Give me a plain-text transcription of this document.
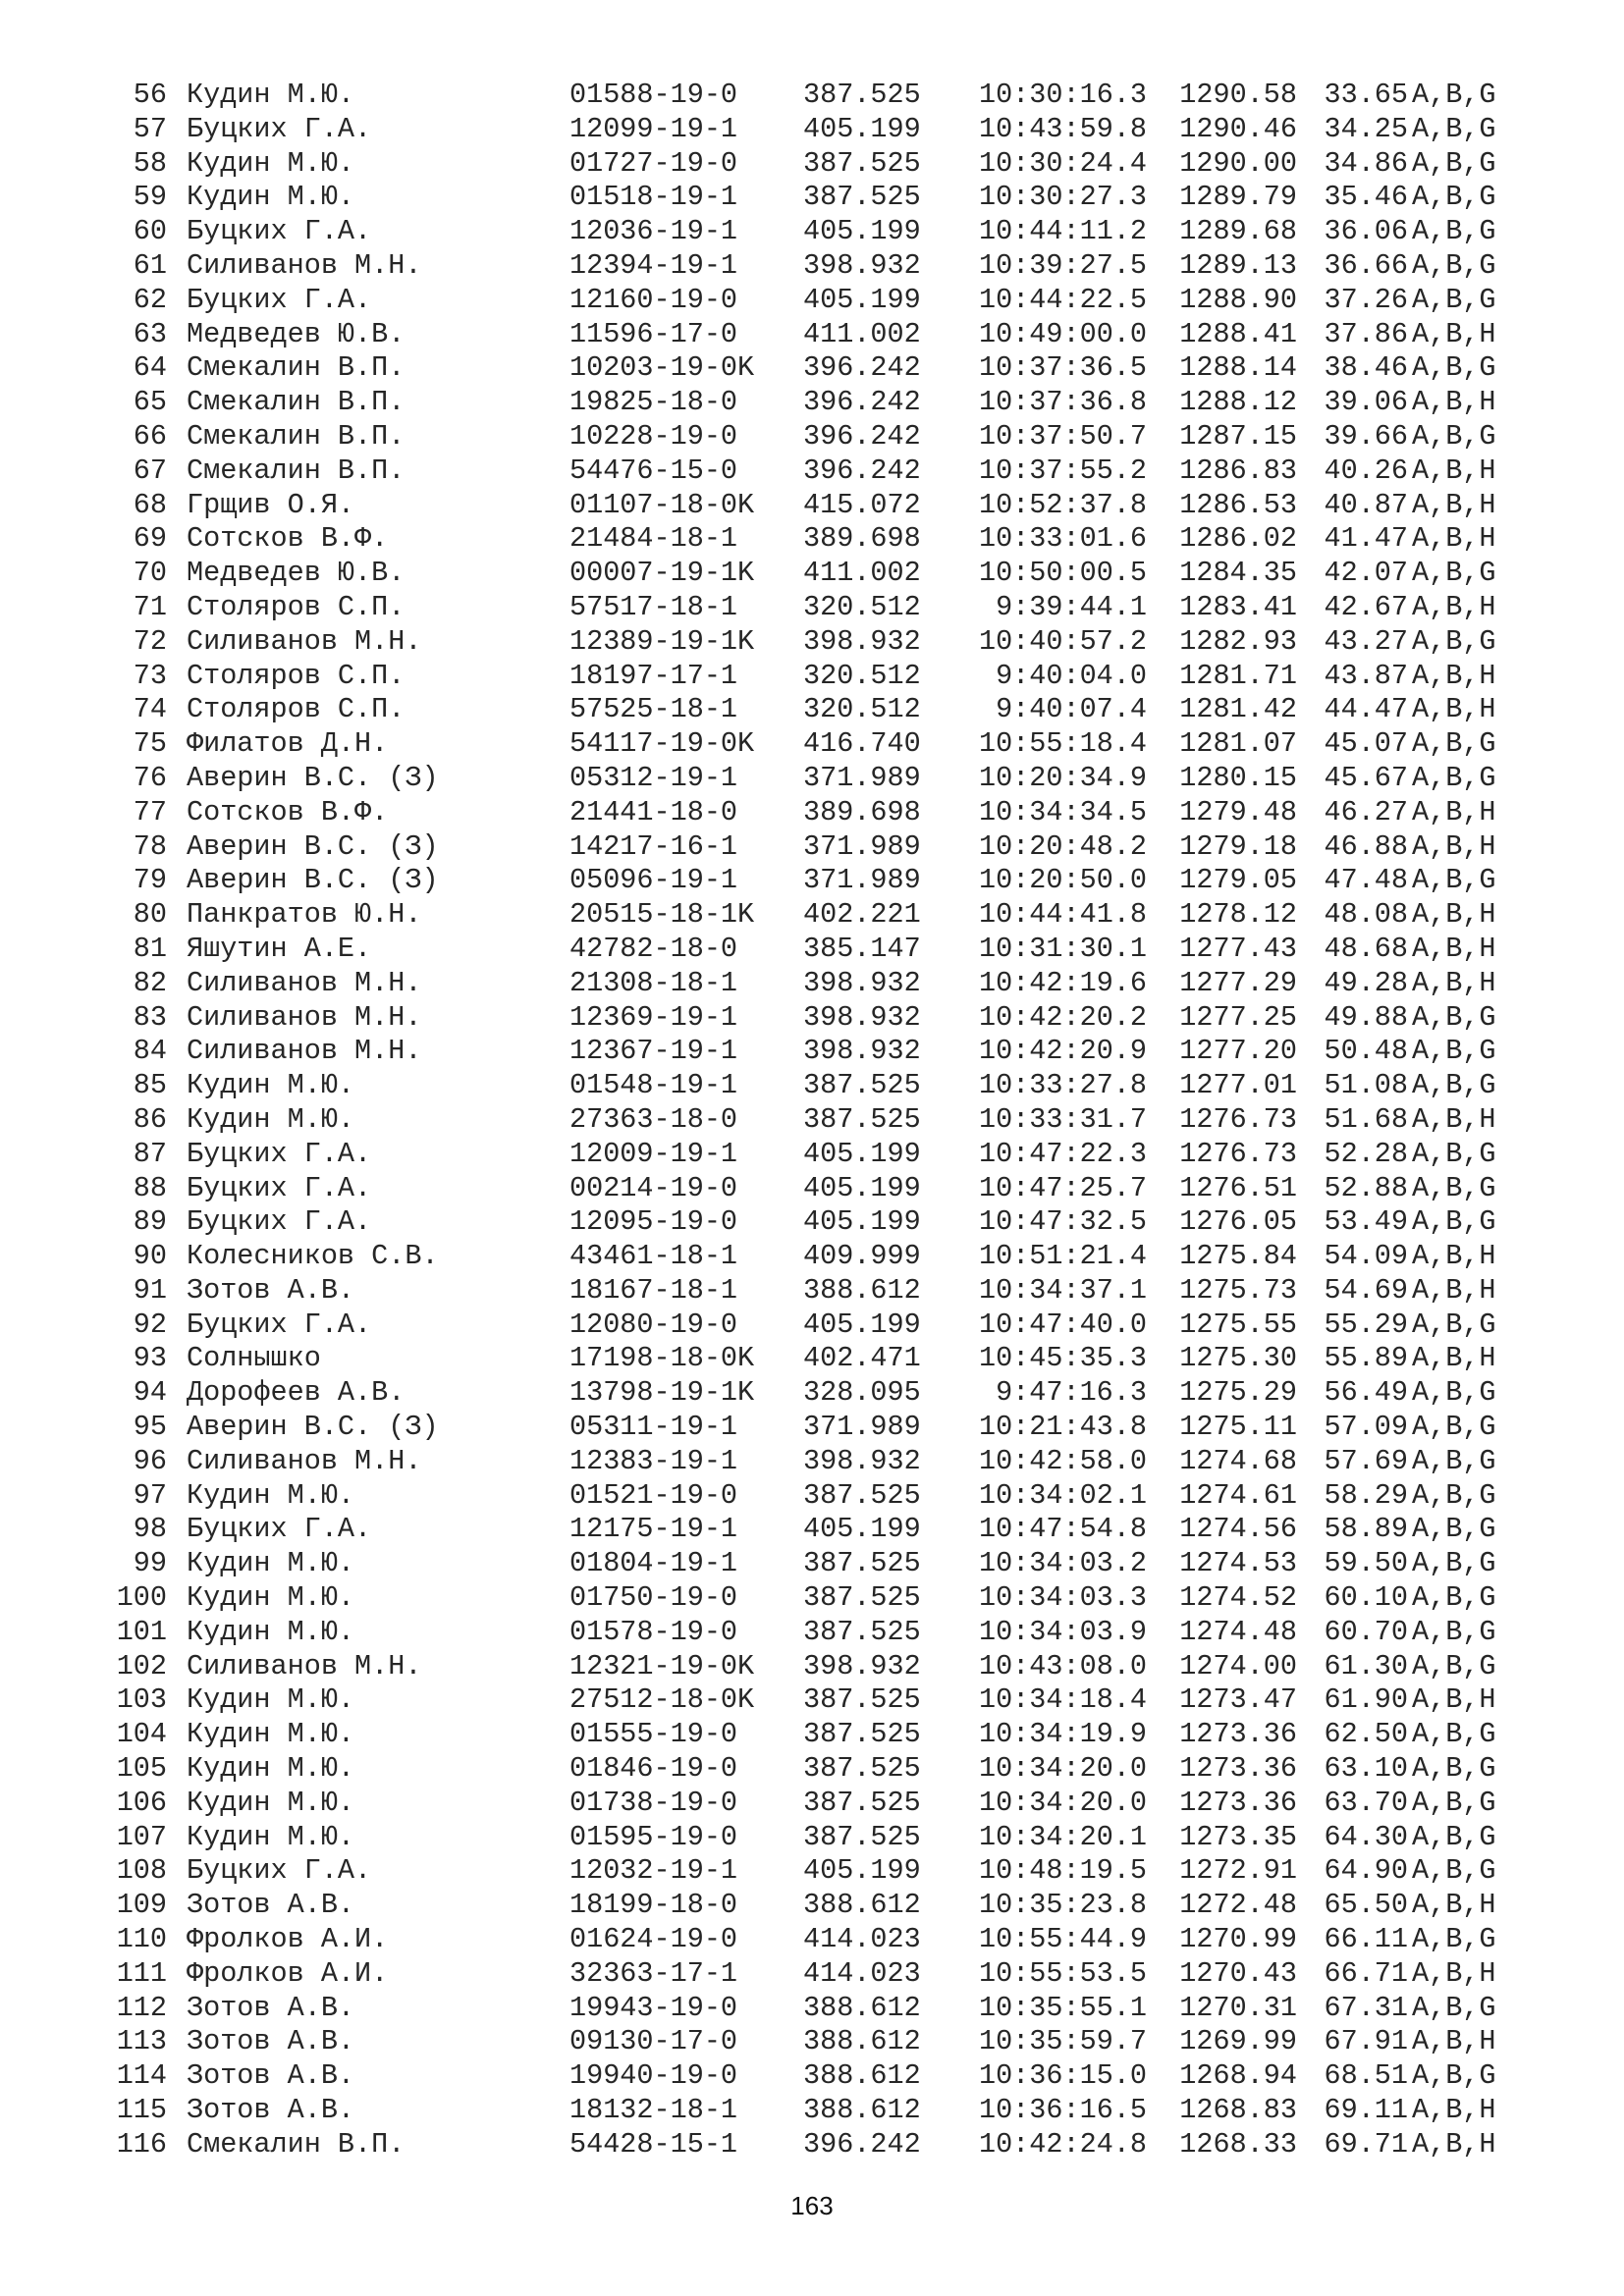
56 Кудин М.Ю.	01588-19-0 387.525	10:30:16.3	1290.58 33.65 A,B,G
57 Буцких Г.А.	12099-19-1 405.199	10:43:59.8	1290.46 34.25 A,B,G
58 Кудин М.Ю.	01727-19-0 387.525	10:30:24.4	1290.00 34.86 A,B,G
59 Кудин М.Ю.	01518-19-1 387.525	10:30:27.3	1289.79 35.46 A,B,G
60 Буцких Г.А.	12036-19-1 405.199	10:44:11.2	1289.68 36.06 A,B,G
61 Силиванов М.Н.	12394-19-1 398.932	10:39:27.5	1289.13 36.66 A,B,G
62 Буцких Г.А.	12160-19-0 405.199	10:44:22.5	1288.90 37.26 A,B,G
63 Медведев Ю.В.	11596-17-0 411.002	10:49:00.0	1288.41 37.86 A,B,H
64 Смекалин В.П.	10203-19-0K 396.242	10:37:36.5	1288.14 38.46 A,B,G
65 Смекалин В.П.	19825-18-0 396.242	10:37:36.8	1288.12 39.06 A,B,H
66 Смекалин В.П.	10228-19-0 396.242	10:37:50.7	1287.15 39.66 A,B,G
67 Смекалин В.П.	54476-15-0 396.242	10:37:55.2	1286.83 40.26 A,B,H
68 Грщив О.Я.	01107-18-0K 415.072	10:52:37.8	1286.53 40.87 A,B,H
69 Сотсков В.Ф.	21484-18-1 389.698	10:33:01.6	1286.02 41.47 A,B,H
70 Медведев Ю.В.	00007-19-1K 411.002	10:50:00.5	1284.35 42.07 A,B,G
71 Столяров С.П.	57517-18-1 320.512	9:39:44.1	1283.41 42.67 A,B,H
72 Силиванов М.Н.	12389-19-1K 398.932	10:40:57.2	1282.93 43.27 A,B,G
73 Столяров С.П.	18197-17-1 320.512	9:40:04.0	1281.71 43.87 A,B,H
74 Столяров С.П.	57525-18-1 320.512	9:40:07.4	1281.42 44.47 A,B,H
75 Филатов Д.Н.	54117-19-0K 416.740	10:55:18.4	1281.07 45.07 A,B,G
76 Аверин В.С. (З)	05312-19-1 371.989	10:20:34.9	1280.15 45.67 A,B,G
77 Сотсков В.Ф.	21441-18-0 389.698	10:34:34.5	1279.48 46.27 A,B,H
78 Аверин В.С. (З)	14217-16-1 371.989	10:20:48.2	1279.18 46.88 A,B,H
79 Аверин В.С. (З)	05096-19-1 371.989	10:20:50.0	1279.05 47.48 A,B,G
80 Панкратов Ю.Н.	20515-18-1K 402.221	10:44:41.8	1278.12 48.08 A,B,H
81 Яшутин А.Е.	42782-18-0 385.147	10:31:30.1	1277.43 48.68 A,B,H
82 Силиванов М.Н.	21308-18-1 398.932	10:42:19.6	1277.29 49.28 A,B,H
83 Силиванов М.Н.	12369-19-1 398.932	10:42:20.2	1277.25 49.88 A,B,G
84 Силиванов М.Н.	12367-19-1 398.932	10:42:20.9	1277.20 50.48 A,B,G
85 Кудин М.Ю.	01548-19-1 387.525	10:33:27.8	1277.01 51.08 A,B,G
86 Кудин М.Ю.	27363-18-0 387.525	10:33:31.7	1276.73 51.68 A,B,H
87 Буцких Г.А.	12009-19-1 405.199	10:47:22.3	1276.73 52.28 A,B,G
88 Буцких Г.А.	00214-19-0 405.199	10:47:25.7	1276.51 52.88 A,B,G
89 Буцких Г.А.	12095-19-0 405.199	10:47:32.5	1276.05 53.49 A,B,G
90 Колесников С.В.	43461-18-1 409.999	10:51:21.4	1275.84 54.09 A,B,H
91 Зотов А.В.	18167-18-1 388.612	10:34:37.1	1275.73 54.69 A,B,H
92 Буцких Г.А.	12080-19-0 405.199	10:47:40.0	1275.55 55.29 A,B,G
93 Солнышко	17198-18-0K 402.471	10:45:35.3	1275.30 55.89 A,B,H
94 Дорофеев А.В.	13798-19-1K 328.095	9:47:16.3	1275.29 56.49 A,B,G
95 Аверин В.С. (З)	05311-19-1 371.989	10:21:43.8	1275.11 57.09 A,B,G
96 Силиванов М.Н.	12383-19-1 398.932	10:42:58.0	1274.68 57.69 A,B,G
97 Кудин М.Ю.	01521-19-0 387.525	10:34:02.1	1274.61 58.29 A,B,G
98 Буцких Г.А.	12175-19-1 405.199	10:47:54.8	1274.56 58.89 A,B,G
99 Кудин М.Ю.	01804-19-1 387.525	10:34:03.2	1274.53 59.50 A,B,G
100 Кудин М.Ю.	01750-19-0 387.525	10:34:03.3	1274.52 60.10 A,B,G
101 Кудин М.Ю.	01578-19-0 387.525	10:34:03.9	1274.48 60.70 A,B,G
102 Силиванов М.Н.	12321-19-0K 398.932	10:43:08.0	1274.00 61.30 A,B,G
103 Кудин М.Ю.	27512-18-0K 387.525	10:34:18.4	1273.47 61.90 A,B,H
104 Кудин М.Ю.	01555-19-0 387.525	10:34:19.9	1273.36 62.50 A,B,G
105 Кудин М.Ю.	01846-19-0 387.525	10:34:20.0	1273.36 63.10 A,B,G
106 Кудин М.Ю.	01738-19-0 387.525	10:34:20.0	1273.36 63.70 A,B,G
107 Кудин М.Ю.	01595-19-0 387.525	10:34:20.1	1273.35 64.30 A,B,G
108 Буцких Г.А.	12032-19-1 405.199	10:48:19.5	1272.91 64.90 A,B,G
109 Зотов А.В.	18199-18-0 388.612	10:35:23.8	1272.48 65.50 A,B,H
110 Фролков А.И.	01624-19-0 414.023	10:55:44.9	1270.99 66.11 A,B,G
111 Фролков А.И.	32363-17-1 414.023	10:55:53.5	1270.43 66.71 A,B,H
112 Зотов А.В.	19943-19-0 388.612	10:35:55.1	1270.31 67.31 A,B,G
113 Зотов А.В.	09130-17-0 388.612	10:35:59.7	1269.99 67.91 A,B,H
114 Зотов А.В.	19940-19-0 388.612	10:36:15.0	1268.94 68.51 A,B,G
115 Зотов А.В.	18132-18-1 388.612	10:36:16.5	1268.83 69.11 A,B,H
116 Смекалин В.П.	54428-15-1 396.242	10:42:24.8	1268.33 69.71 A,B,H
163
